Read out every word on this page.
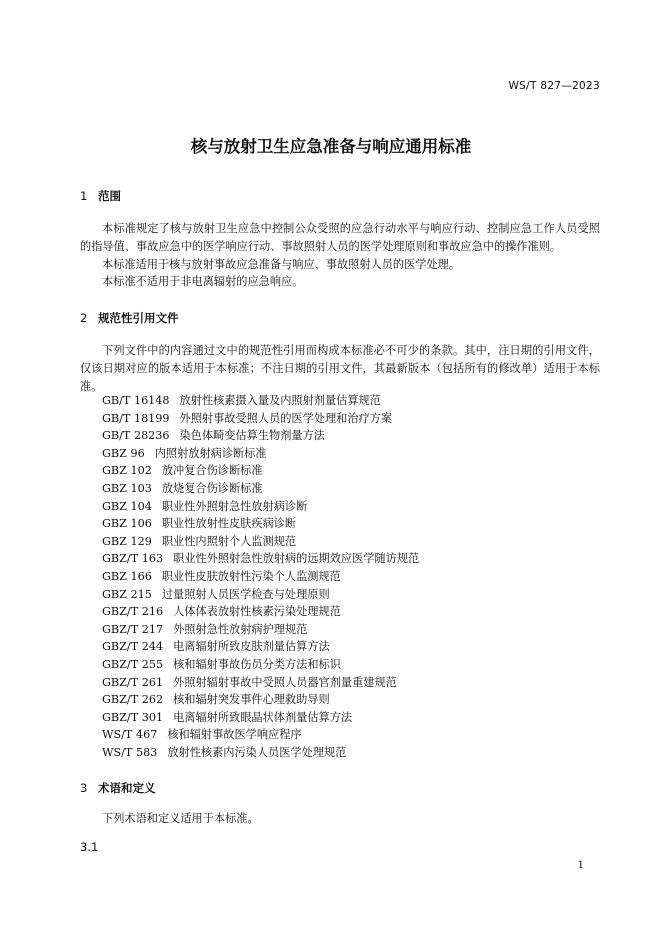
WS/T 827—2023
核与放射卫生应急准备与响应通用标准
1 范围
本标准规定了核与放射卫生应急中控制公众受照的应急行动水平与响应行动、控制应急工作人员受照的指导值、事故应急中的医学响应行动、事故照射人员的医学处理原则和事故应急中的操作准则。
本标准适用于核与放射事故应急准备与响应、事故照射人员的医学处理。
本标准不适用于非电离辐射的应急响应。
2 规范性引用文件
下列文件中的内容通过文中的规范性引用而构成本标准必不可少的条款。其中，注日期的引用文件，仅该日期对应的版本适用于本标准；不注日期的引用文件，其最新版本（包括所有的修改单）适用于本标准。
GB/T 16148 放射性核素摄入量及内照射剂量估算规范
GB/T 18199 外照射事故受照人员的医学处理和治疗方案
GB/T 28236 染色体畸变估算生物剂量方法
GBZ 96 内照射放射病诊断标准
GBZ 102 放冲复合伤诊断标准
GBZ 103 放烧复合伤诊断标准
GBZ 104 职业性外照射急性放射病诊断
GBZ 106 职业性放射性皮肤疾病诊断
GBZ 129 职业性内照射个人监测规范
GBZ/T 163 职业性外照射急性放射病的远期效应医学随访规范
GBZ 166 职业性皮肤放射性污染个人监测规范
GBZ 215 过量照射人员医学检查与处理原则
GBZ/T 216 人体体表放射性核素污染处理规范
GBZ/T 217 外照射急性放射病护理规范
GBZ/T 244 电离辐射所致皮肤剂量估算方法
GBZ/T 255 核和辐射事故伤员分类方法和标识
GBZ/T 261 外照射辐射事故中受照人员器官剂量重建规范
GBZ/T 262 核和辐射突发事件心理救助导则
GBZ/T 301 电离辐射所致眼晶状体剂量估算方法
WS/T 467 核和辐射事故医学响应程序
WS/T 583 放射性核素内污染人员医学处理规范
3 术语和定义
下列术语和定义适用于本标准。
3.1
1
